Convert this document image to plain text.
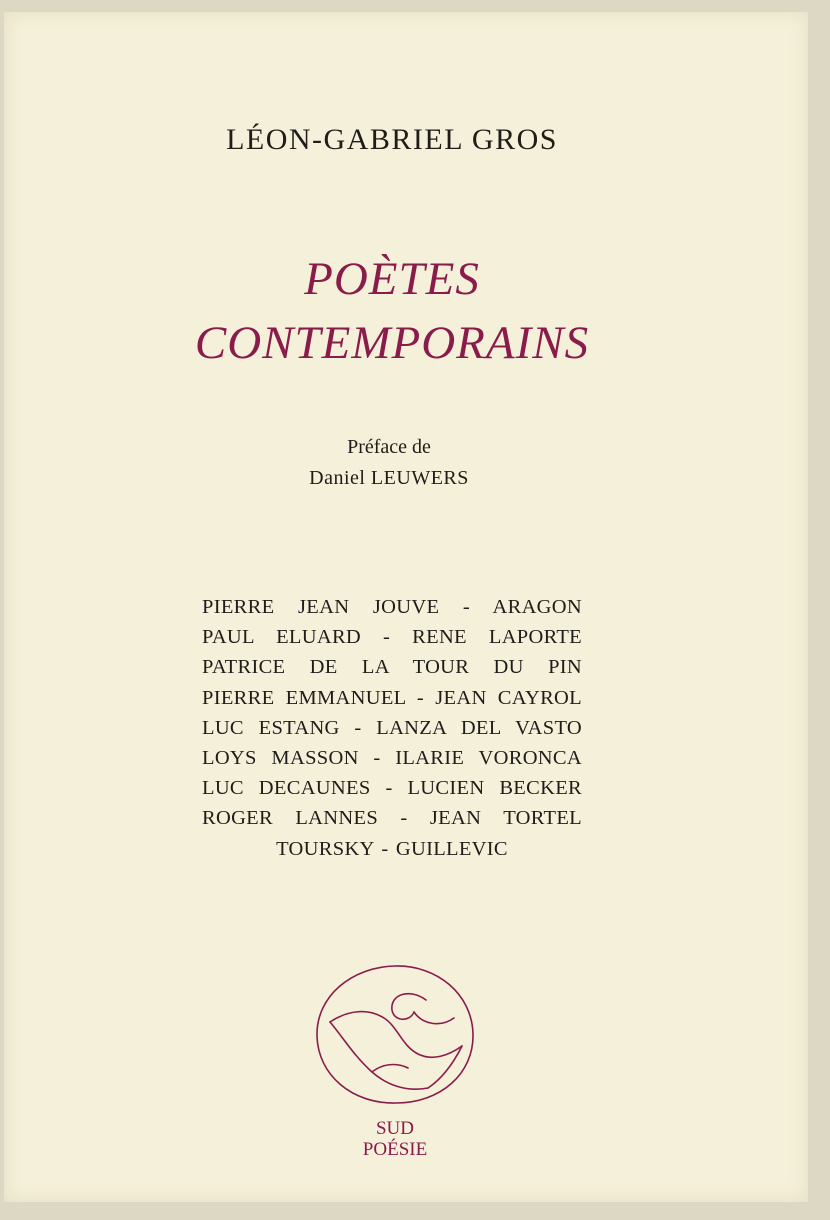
LÉON-GABRIEL GROS
POÈTES
CONTEMPORAINS
Préface de
Daniel LEUWERS
PIERRE JEAN JOUVE - ARAGON
PAUL ELUARD - RENE LAPORTE
PATRICE DE LA TOUR DU PIN
PIERRE EMMANUEL - JEAN CAYROL
LUC ESTANG - LANZA DEL VASTO
LOYS MASSON - ILARIE VORONCA
LUC DECAUNES - LUCIEN BECKER
ROGER LANNES - JEAN TORTEL
TOURSKY - GUILLEVIC
SUD
POÉSIE
